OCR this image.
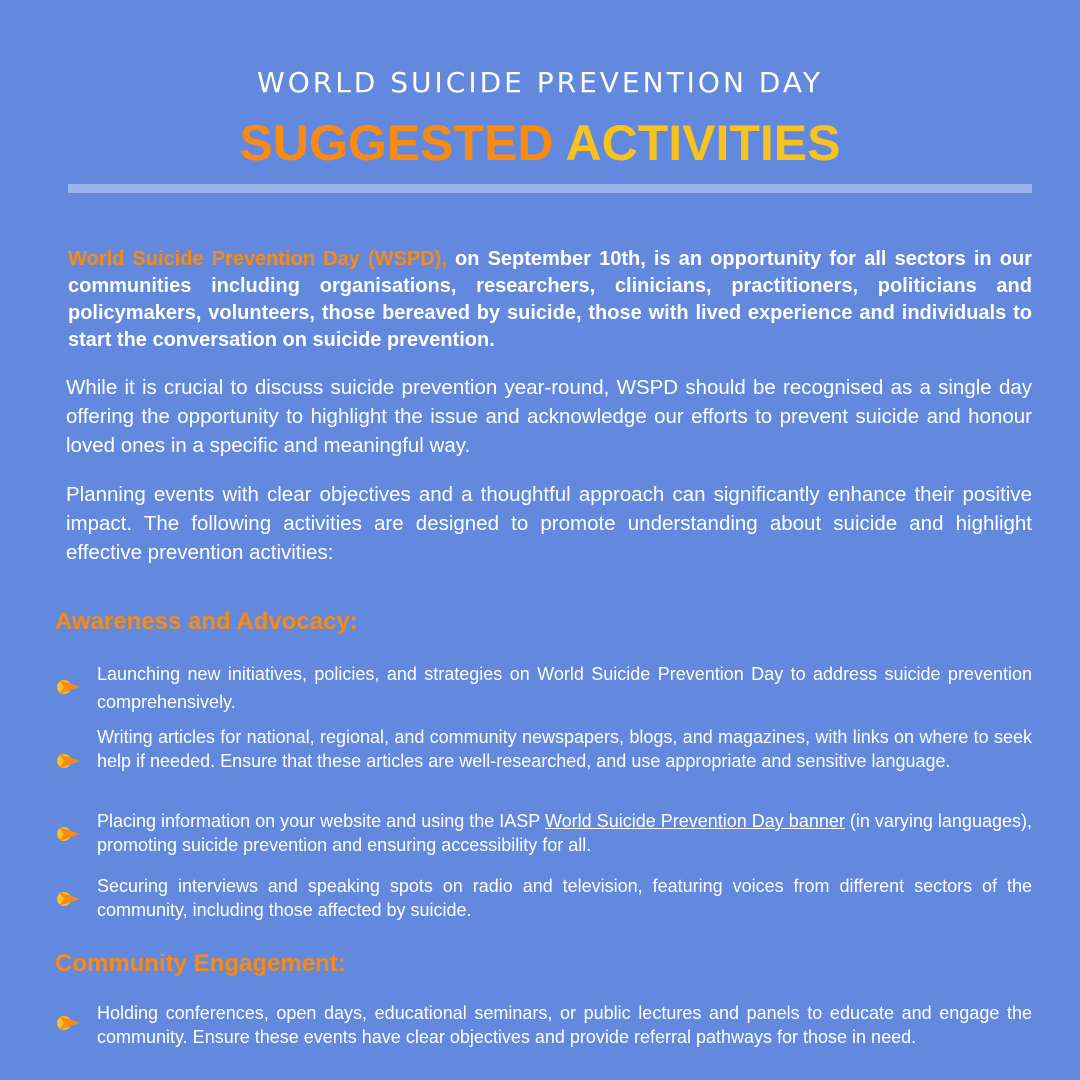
WORLD SUICIDE PREVENTION DAY
SUGGESTED ACTIVITIES
World Suicide Prevention Day (WSPD), on September 10th, is an opportunity for all sectors in our communities including organisations, researchers, clinicians, practitioners, politicians and policymakers, volunteers, those bereaved by suicide, those with lived experience and individuals to start the conversation on suicide prevention.
While it is crucial to discuss suicide prevention year-round, WSPD should be recognised as a single day offering the opportunity to highlight the issue and acknowledge our efforts to prevent suicide and honour loved ones in a specific and meaningful way.
Planning events with clear objectives and a thoughtful approach can significantly enhance their positive impact. The following activities are designed to promote understanding about suicide and highlight effective prevention activities:
Awareness and Advocacy:
Launching new initiatives, policies, and strategies on World Suicide Prevention Day to address suicide prevention comprehensively.
Writing articles for national, regional, and community newspapers, blogs, and magazines, with links on where to seek help if needed. Ensure that these articles are well-researched, and use appropriate and sensitive language.
Placing information on your website and using the IASP World Suicide Prevention Day banner (in varying languages), promoting suicide prevention and ensuring accessibility for all.
Securing interviews and speaking spots on radio and television, featuring voices from different sectors of the community, including those affected by suicide.
Community Engagement:
Holding conferences, open days, educational seminars, or public lectures and panels to educate and engage the community. Ensure these events have clear objectives and provide referral pathways for those in need.
